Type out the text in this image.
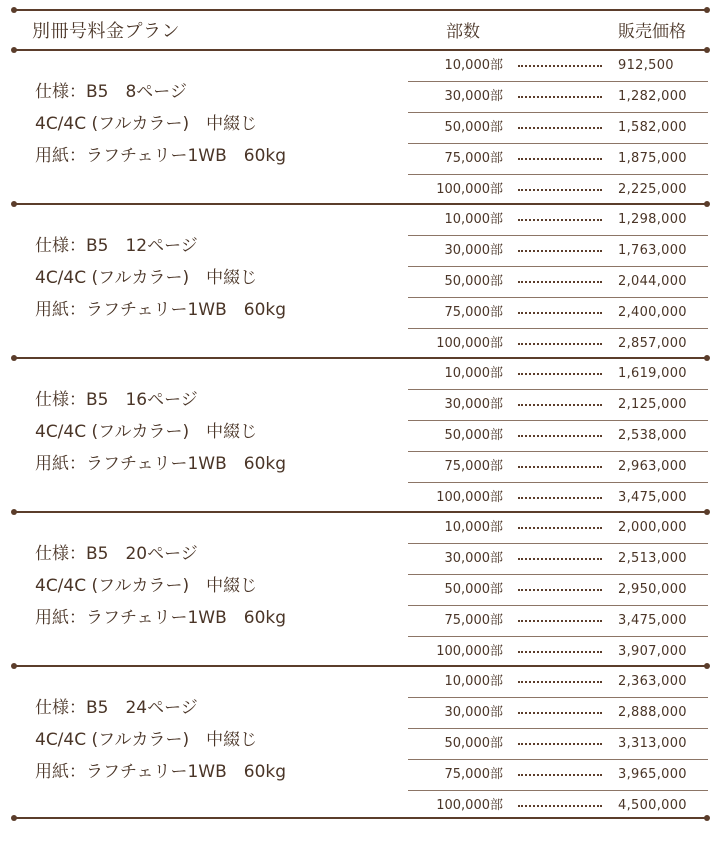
別冊号料金プラン	部数	販売価格
仕様：B5　8ページ
4C/4C (フルカラー)　中綴じ
用紙：ラフチェリー1WB　60kg
10,000部	912,500
30,000部	1,282,000
50,000部	1,582,000
75,000部	1,875,000
100,000部	2,225,000
仕様：B5　12ページ
4C/4C (フルカラー)　中綴じ
用紙：ラフチェリー1WB　60kg
10,000部	1,298,000
30,000部	1,763,000
50,000部	2,044,000
75,000部	2,400,000
100,000部	2,857,000
仕様：B5　16ページ
4C/4C (フルカラー)　中綴じ
用紙：ラフチェリー1WB　60kg
10,000部	1,619,000
30,000部	2,125,000
50,000部	2,538,000
75,000部	2,963,000
100,000部	3,475,000
仕様：B5　20ページ
4C/4C (フルカラー)　中綴じ
用紙：ラフチェリー1WB　60kg
10,000部	2,000,000
30,000部	2,513,000
50,000部	2,950,000
75,000部	3,475,000
100,000部	3,907,000
仕様：B5　24ページ
4C/4C (フルカラー)　中綴じ
用紙：ラフチェリー1WB　60kg
10,000部	2,363,000
30,000部	2,888,000
50,000部	3,313,000
75,000部	3,965,000
100,000部	4,500,000
